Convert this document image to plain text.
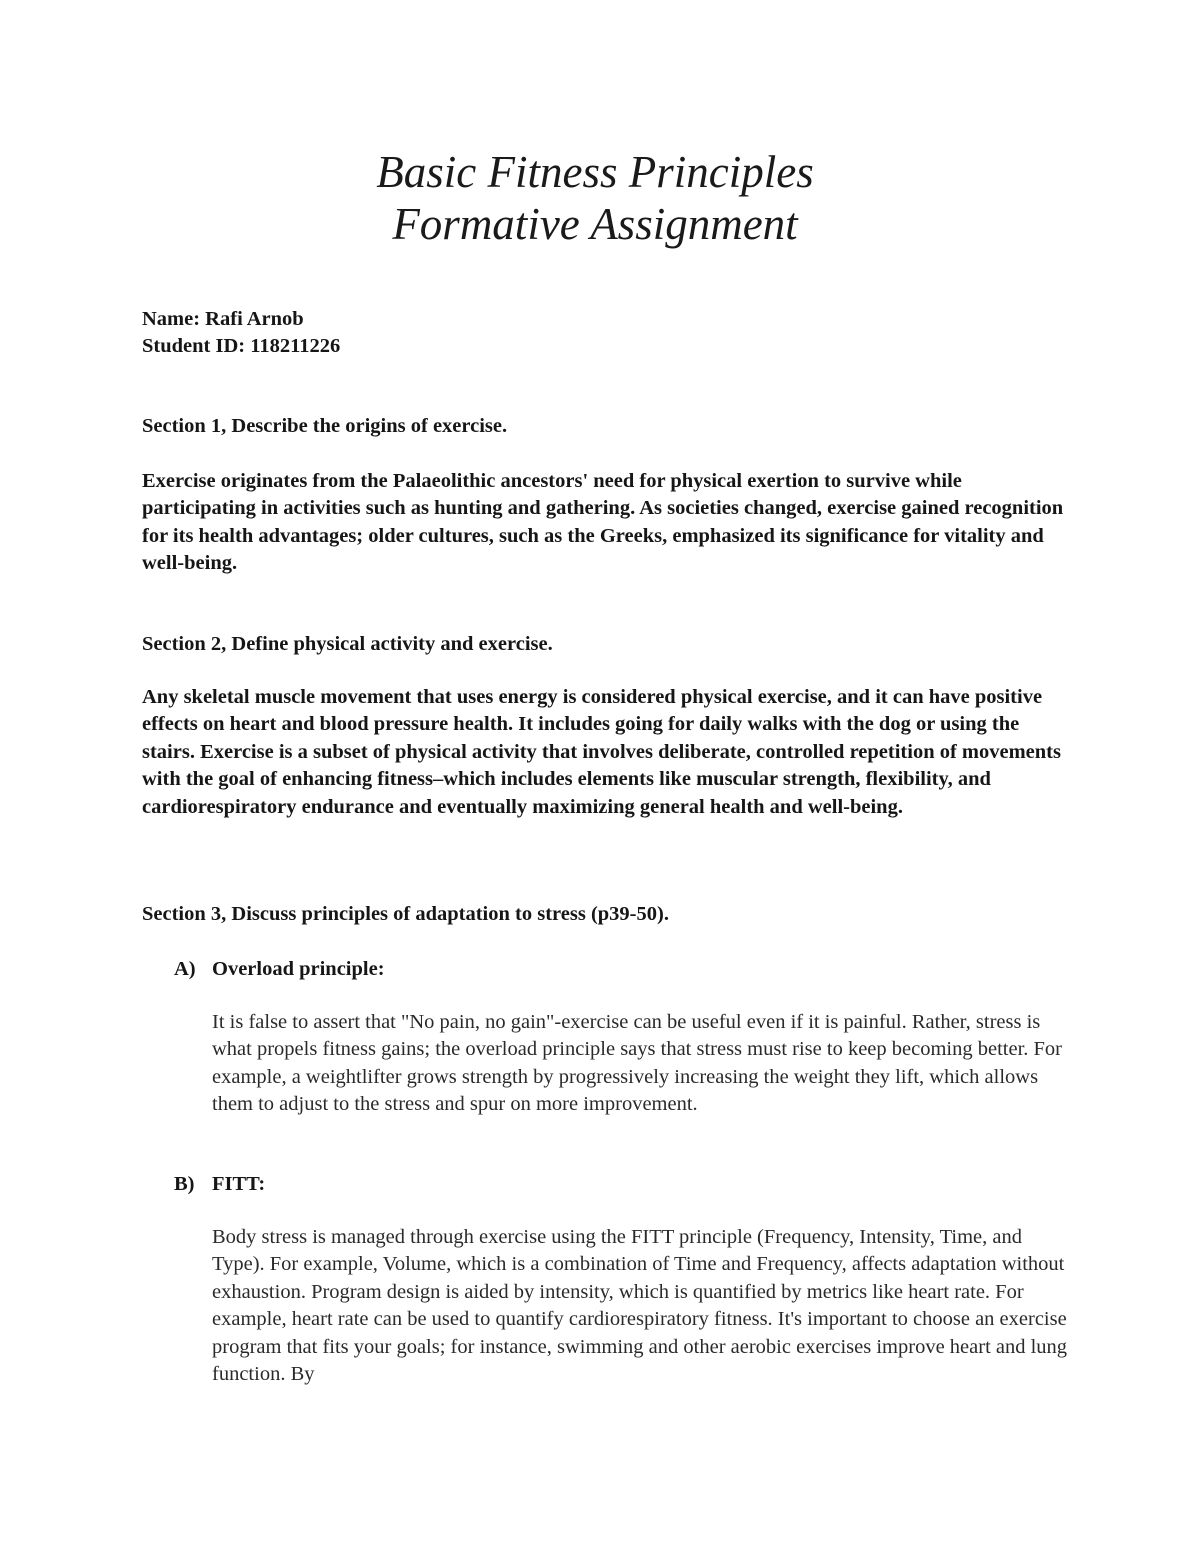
Basic Fitness Principles
Formative Assignment
Name: Rafi Arnob
Student ID: 118211226

Section 1, Describe the origins of exercise.

Exercise originates from the Palaeolithic ancestors' need for physical exertion to survive while participating in activities such as hunting and gathering. As societies changed, exercise gained recognition for its health advantages; older cultures, such as the Greeks, emphasized its significance for vitality and well-being.

Section 2, Define physical activity and exercise.

Any skeletal muscle movement that uses energy is considered physical exercise, and it can have positive effects on heart and blood pressure health. It includes going for daily walks with the dog or using the stairs. Exercise is a subset of physical activity that involves deliberate, controlled repetition of movements with the goal of enhancing fitness–which includes elements like muscular strength, flexibility, and cardiorespiratory endurance and eventually maximizing general health and well-being.

Section 3, Discuss principles of adaptation to stress (p39-50).

A) Overload principle:

It is false to assert that "No pain, no gain"-exercise can be useful even if it is painful. Rather, stress is what propels fitness gains; the overload principle says that stress must rise to keep becoming better. For example, a weightlifter grows strength by progressively increasing the weight they lift, which allows them to adjust to the stress and spur on more improvement.

B) FITT:

Body stress is managed through exercise using the FITT principle (Frequency, Intensity, Time, and Type). For example, Volume, which is a combination of Time and Frequency, affects adaptation without exhaustion. Program design is aided by intensity, which is quantified by metrics like heart rate. For example, heart rate can be used to quantify cardiorespiratory fitness. It's important to choose an exercise program that fits your goals; for instance, swimming and other aerobic exercises improve heart and lung function. By
